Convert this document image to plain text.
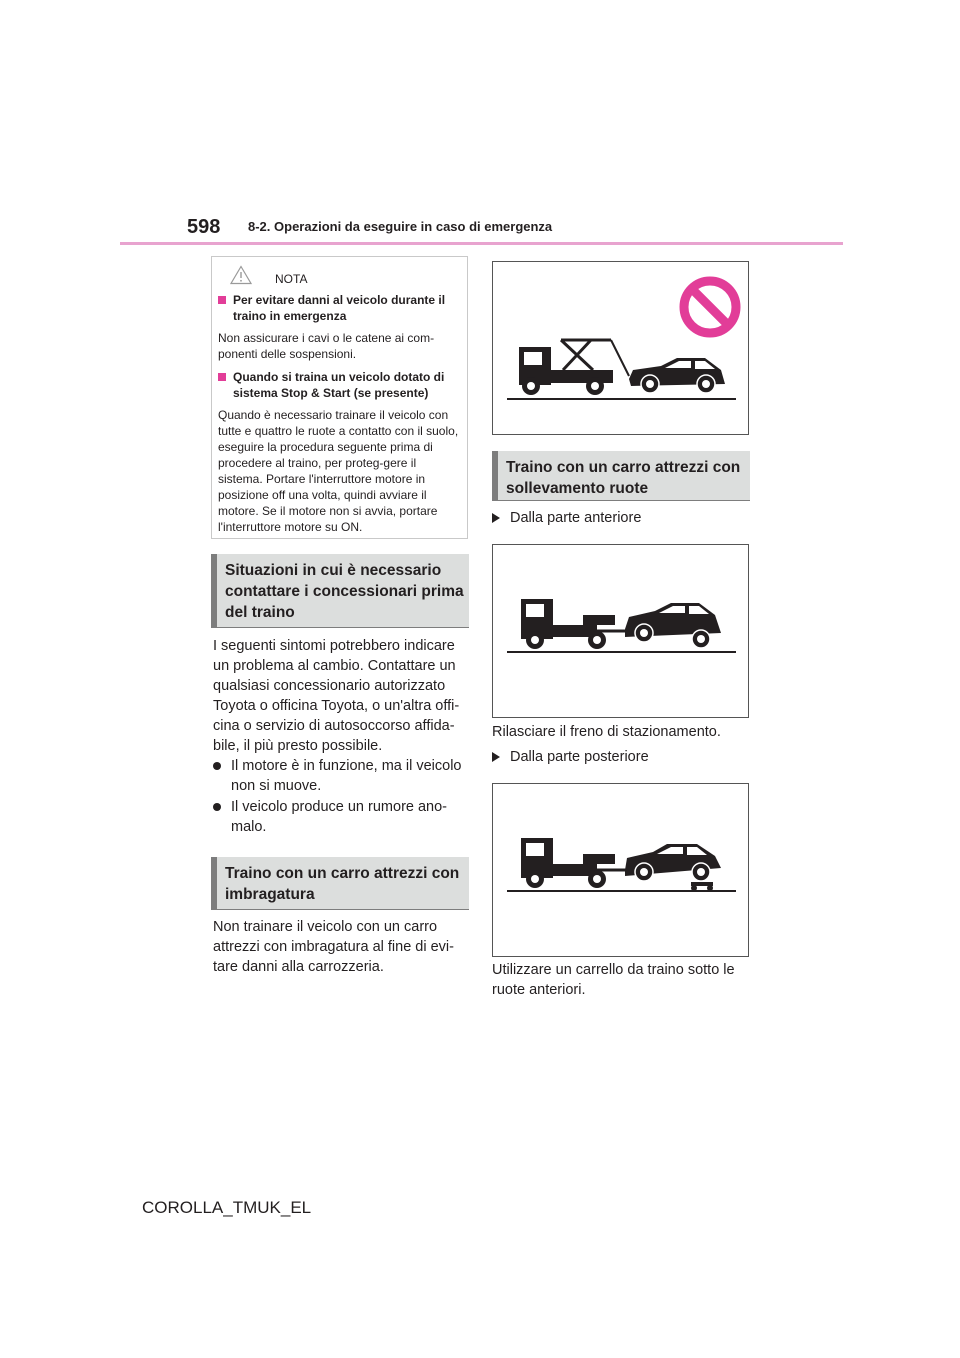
598 8-2. Operazioni da eseguire in caso di emergenza
NOTA
Per evitare danni al veicolo durante il traino in emergenza
Non assicurare i cavi o le catene ai com-ponenti delle sospensioni.
Quando si traina un veicolo dotato di sistema Stop & Start (se presente)
Quando è necessario trainare il veicolo con tutte e quattro le ruote a contatto con il suolo, eseguire la procedura seguente prima di procedere al traino, per proteg-gere il sistema. Portare l'interruttore motore in posizione off una volta, quindi avviare il motore. Se il motore non si avvia, portare l'interruttore motore su ON.
Situazioni in cui è necessario contattare i concessionari prima del traino
I seguenti sintomi potrebbero indicare un problema al cambio. Contattare un qualsiasi concessionario autorizzato Toyota o officina Toyota, o un'altra offi-cina o servizio di autosoccorso affida-bile, il più presto possibile.
Il motore è in funzione, ma il veicolo non si muove.
Il veicolo produce un rumore ano-malo.
Traino con un carro attrezzi con imbragatura
Non trainare il veicolo con un carro attrezzi con imbragatura al fine di evi-tare danni alla carrozzeria.
Traino con un carro attrezzi con sollevamento ruote
Dalla parte anteriore
Rilasciare il freno di stazionamento.
Dalla parte posteriore
Utilizzare un carrello da traino sotto le ruote anteriori.
COROLLA_TMUK_EL
